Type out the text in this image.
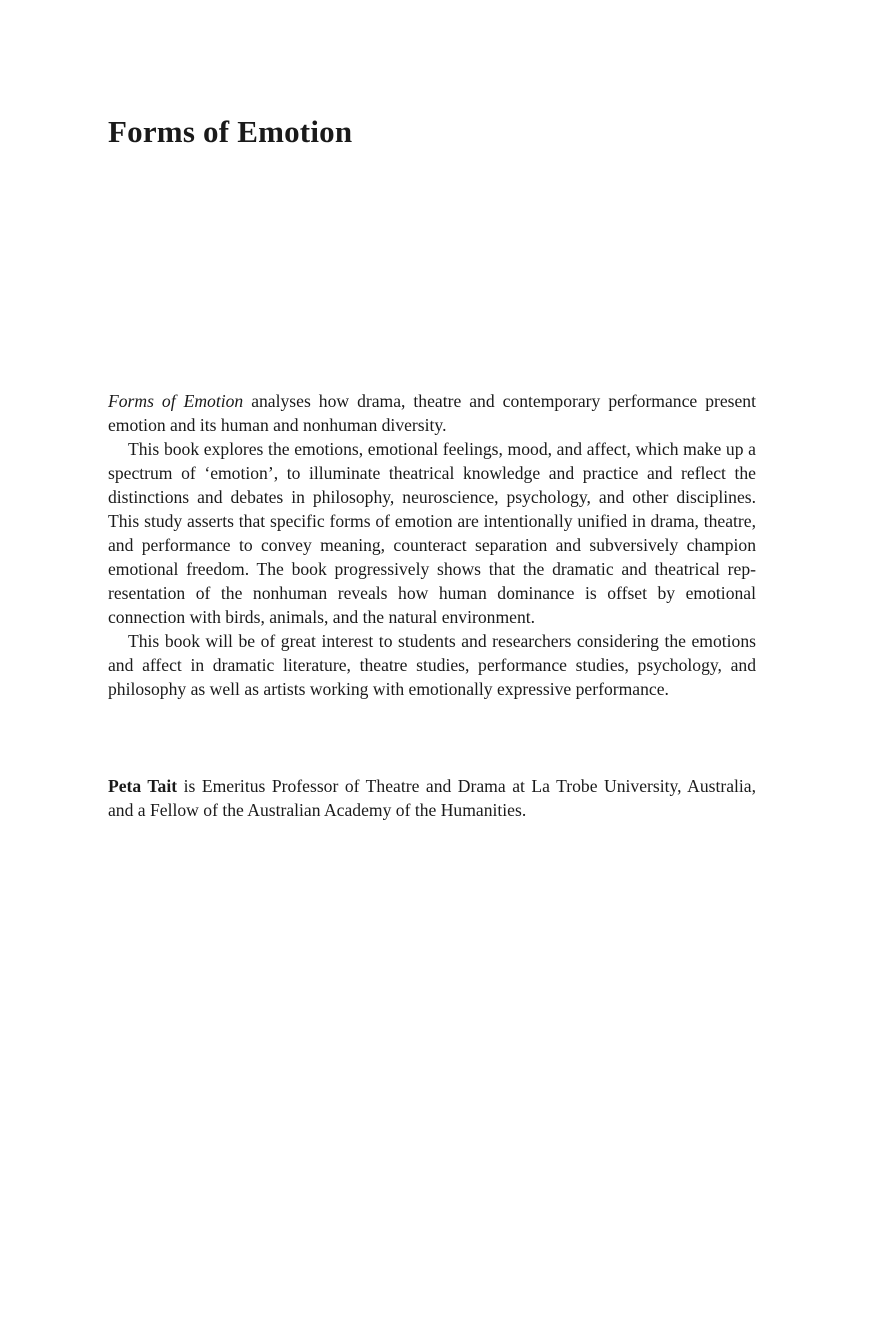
Forms of Emotion

Forms of Emotion analyses how drama, theatre and contemporary performance present emotion and its human and nonhuman diversity.

This book explores the emotions, emotional feelings, mood, and affect, which make up a spectrum of ‘emotion’, to illuminate theatrical knowledge and practice and reflect the distinctions and debates in philosophy, neuroscience, psychology, and other disciplines. This study asserts that specific forms of emotion are intentionally unified in drama, theatre, and performance to convey meaning, counteract separation and subversively champion emotional freedom. The book progressively shows that the dramatic and theatrical representation of the nonhuman reveals how human dominance is offset by emotional connection with birds, animals, and the natural environment.

This book will be of great interest to students and researchers considering the emotions and affect in dramatic literature, theatre studies, performance studies, psychology, and philosophy as well as artists working with emotionally expressive performance.

Peta Tait is Emeritus Professor of Theatre and Drama at La Trobe University, Australia, and a Fellow of the Australian Academy of the Humanities.
